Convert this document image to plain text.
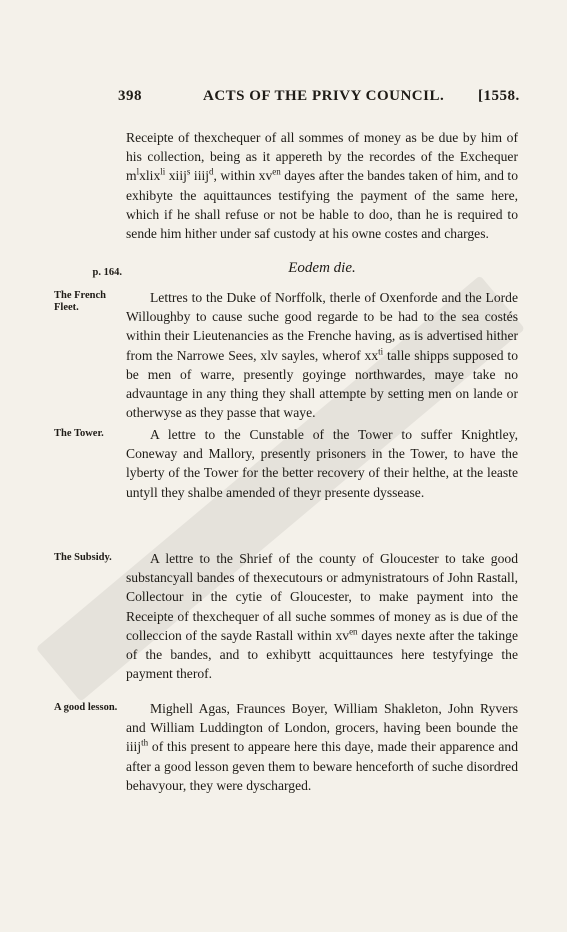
398	ACTS OF THE PRIVY COUNCIL. [1558.

Receipte of thexchequer of all sommes of money as be due by him of his collection, being as it appereth by the recordes of the Exchequer $m^lxlix^{li}$ xiij$^s$ iiij$^d$, within $xv^{en}$ dayes after the bandes taken of him, and to exhibyte the aquittaunces testifying the payment of the same here, which if he shall refuse or not be hable to doo, than he is required to sende him hither under saf custody at his owne costes and charges.

p. 164.	Eodem die.
The French Fleet.

Lettres to the Duke of Norffolk, therle of Oxenforde and the Lorde Willoughby to cause suche good regarde to be had to the sea costés within their Lieutenancies as the Frenche having, as is advertised hither from the Narrowe Sees, xlv sayles, wherof $xx^{ti}$ talle shipps supposed to be men of warre, presently goyinge northwardes, maye take no advauntage in any thing they shall attempte by setting men on lande or otherwyse as they passe that waye.

The Tower.	A lettre to the Cunstable of the Tower to suffer Knightley, Coneway and Mallory, presently prisoners in the Tower, to have the lyberty of the Tower for the better recovery of their helthe, at the leaste untyll they shalbe amended of theyr presente dyssease.

The Subsidy.	A lettre to the Shrief of the county of Gloucester to take good substancyall bandes of thexecutours or admynistratours of John Rastall, Collectour in the cytie of Gloucester, to make payment into the Receipte of thexchequer of all suche sommes of money as is due of the colleccion of the sayde Rastall within $xv^{en}$ dayes nexte after the takinge of the bandes, and to exhibytt acquittaunces here testyfyinge the payment therof.

A good lesson.	Mighell Agas, Fraunces Boyer, William Shakleton, John Ryvers and William Luddington of London, grocers, having been bounde the iiij$^{th}$ of this present to appeare here this daye, made their apparence and after a good lesson geven them to beware henceforth of suche disordred behavyour, they were dyscharged.
